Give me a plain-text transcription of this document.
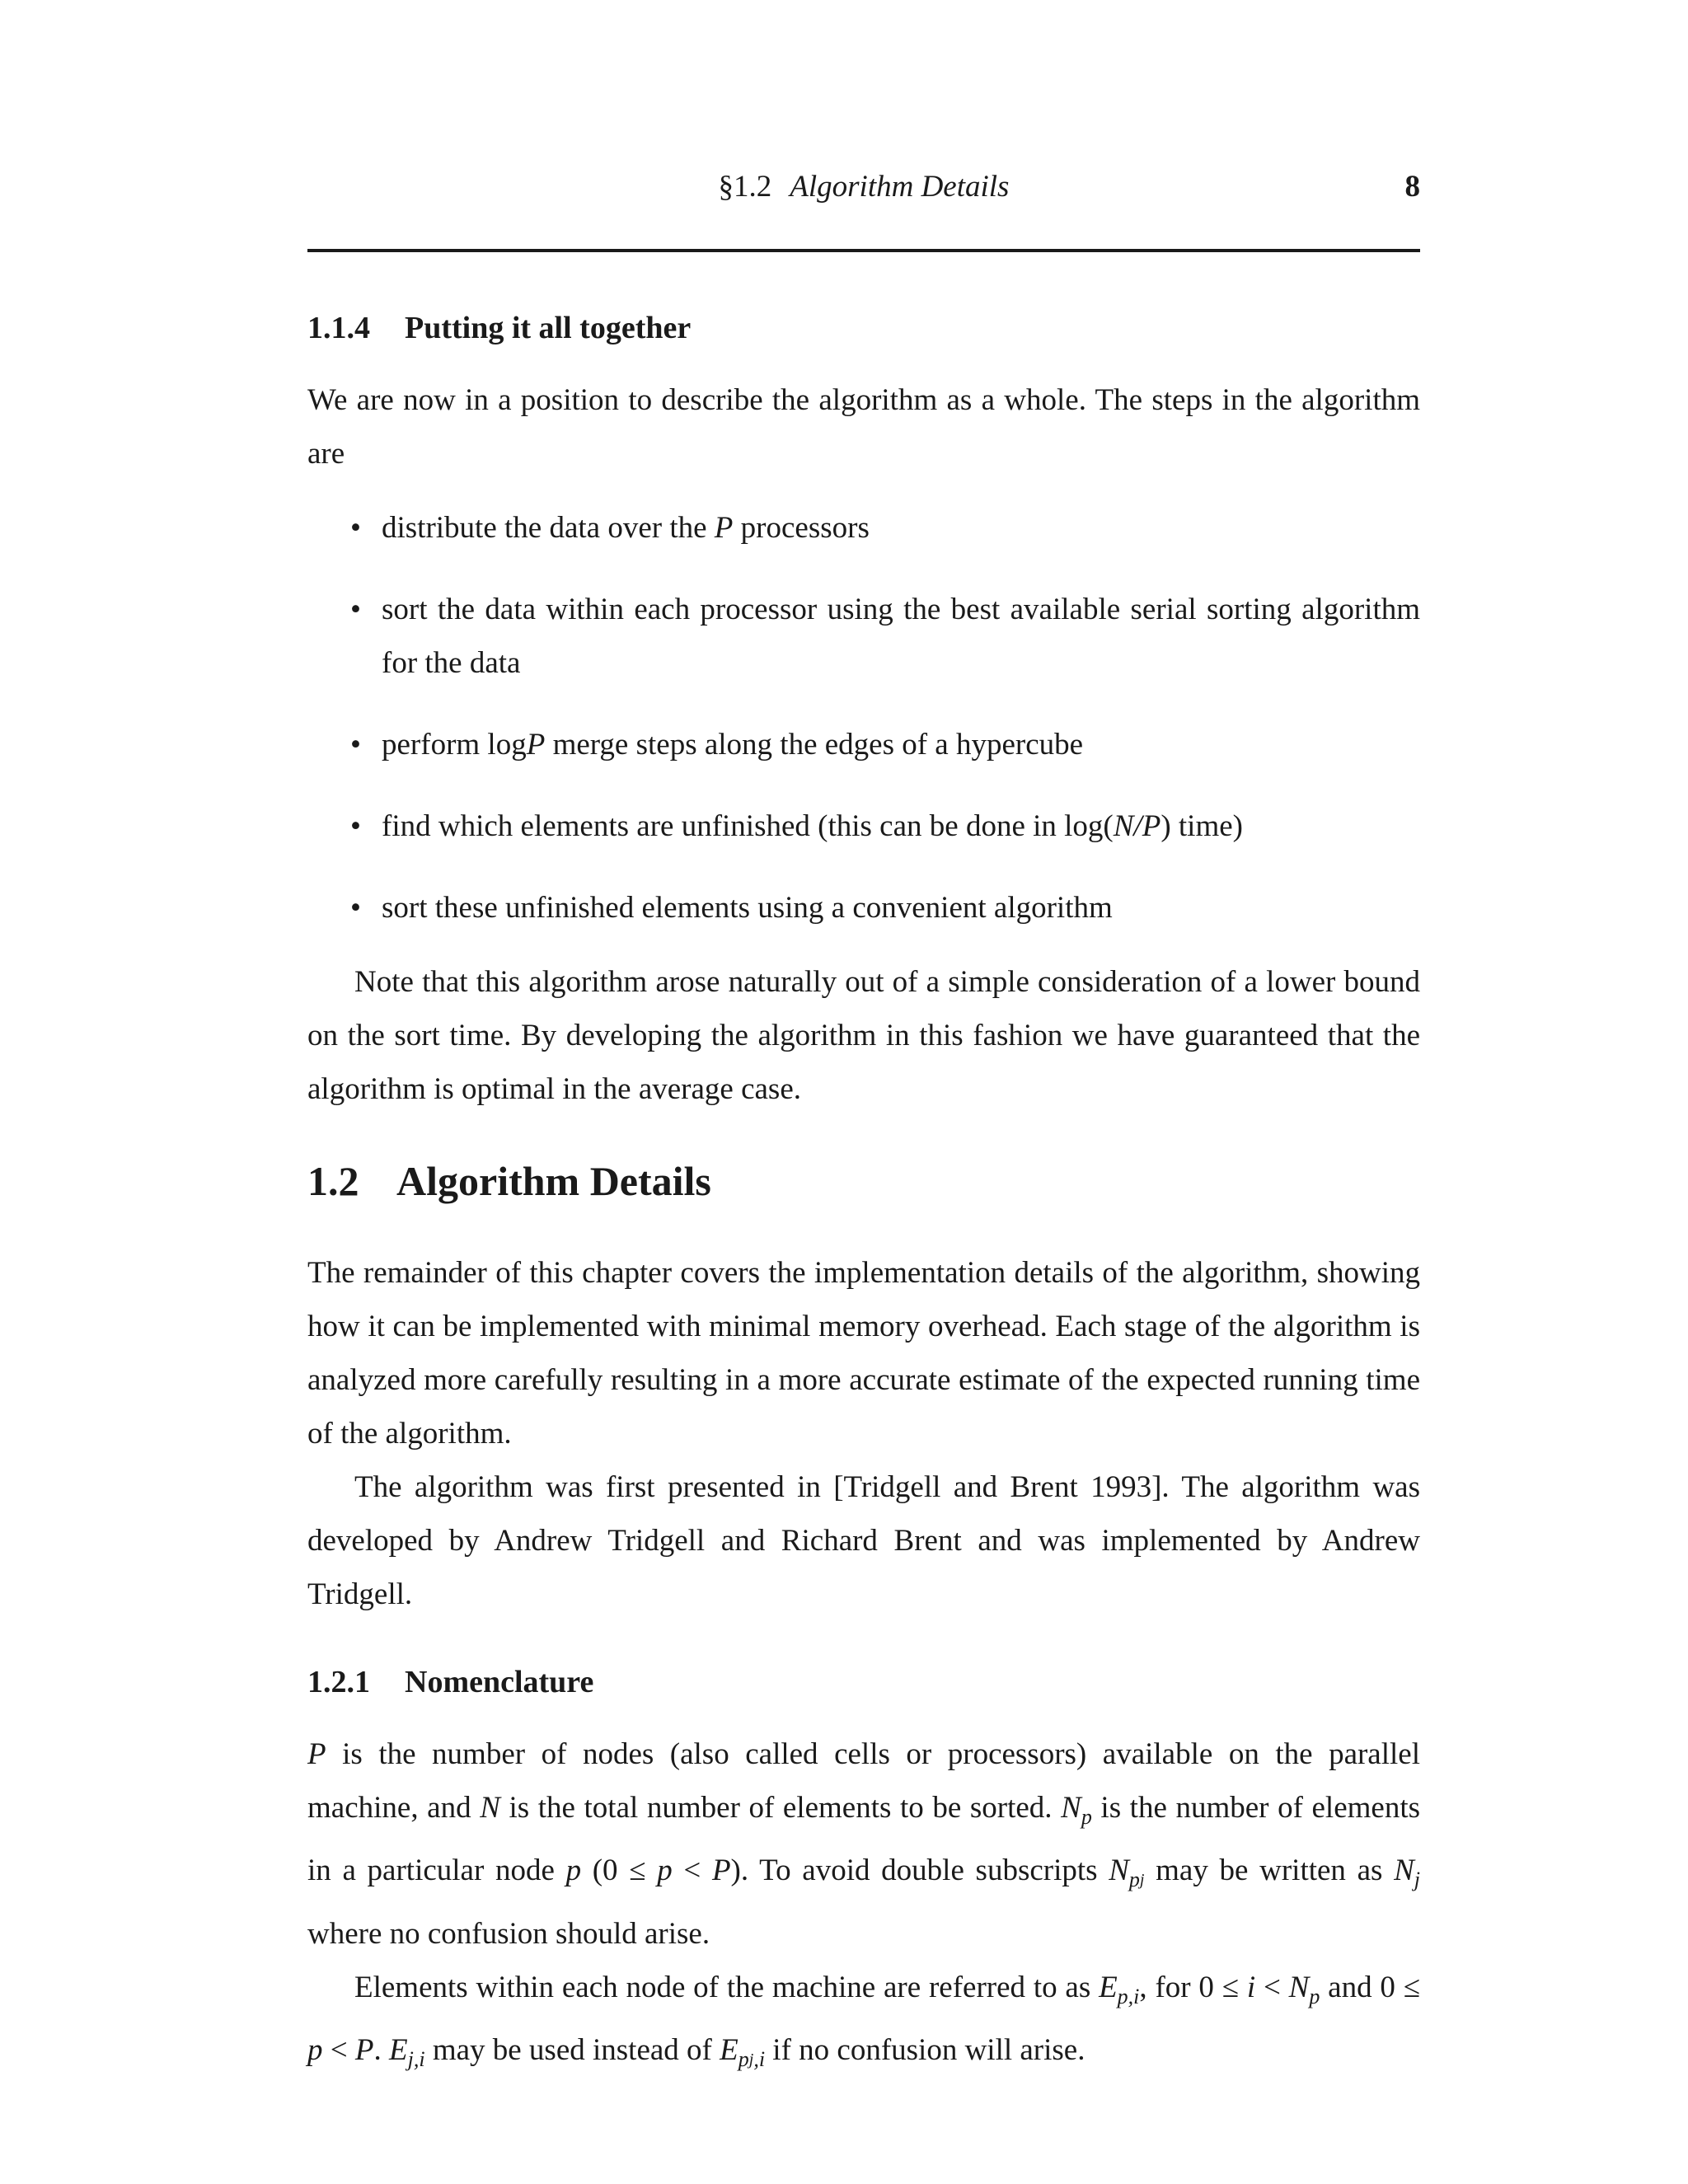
§1.2 Algorithm Details	8
1.1.4 Putting it all together

We are now in a position to describe the algorithm as a whole. The steps in the algorithm are

• distribute the data over the P processors
• sort the data within each processor using the best available serial sorting algorithm for the data
• perform logP merge steps along the edges of a hypercube
• find which elements are unfinished (this can be done in log(N/P) time)
• sort these unfinished elements using a convenient algorithm

Note that this algorithm arose naturally out of a simple consideration of a lower bound on the sort time. By developing the algorithm in this fashion we have guaranteed that the algorithm is optimal in the average case.

1.2 Algorithm Details

The remainder of this chapter covers the implementation details of the algorithm, showing how it can be implemented with minimal memory overhead. Each stage of the algorithm is analyzed more carefully resulting in a more accurate estimate of the expected running time of the algorithm.

The algorithm was first presented in [Tridgell and Brent 1993]. The algorithm was developed by Andrew Tridgell and Richard Brent and was implemented by Andrew Tridgell.

1.2.1 Nomenclature

P is the number of nodes (also called cells or processors) available on the parallel machine, and N is the total number of elements to be sorted. $N_p$ is the number of elements in a particular node p (0 ≤ p < P). To avoid double subscripts $N_pj$ may be written as $N_j$ where no confusion should arise.

Elements within each node of the machine are referred to as $E_{p,i}$, for $0 \le i < N_p$ and 0 ≤ p < P. $E_{j,i}$ may be used instead of $E_pj_{,i}$ if no confusion will arise.
